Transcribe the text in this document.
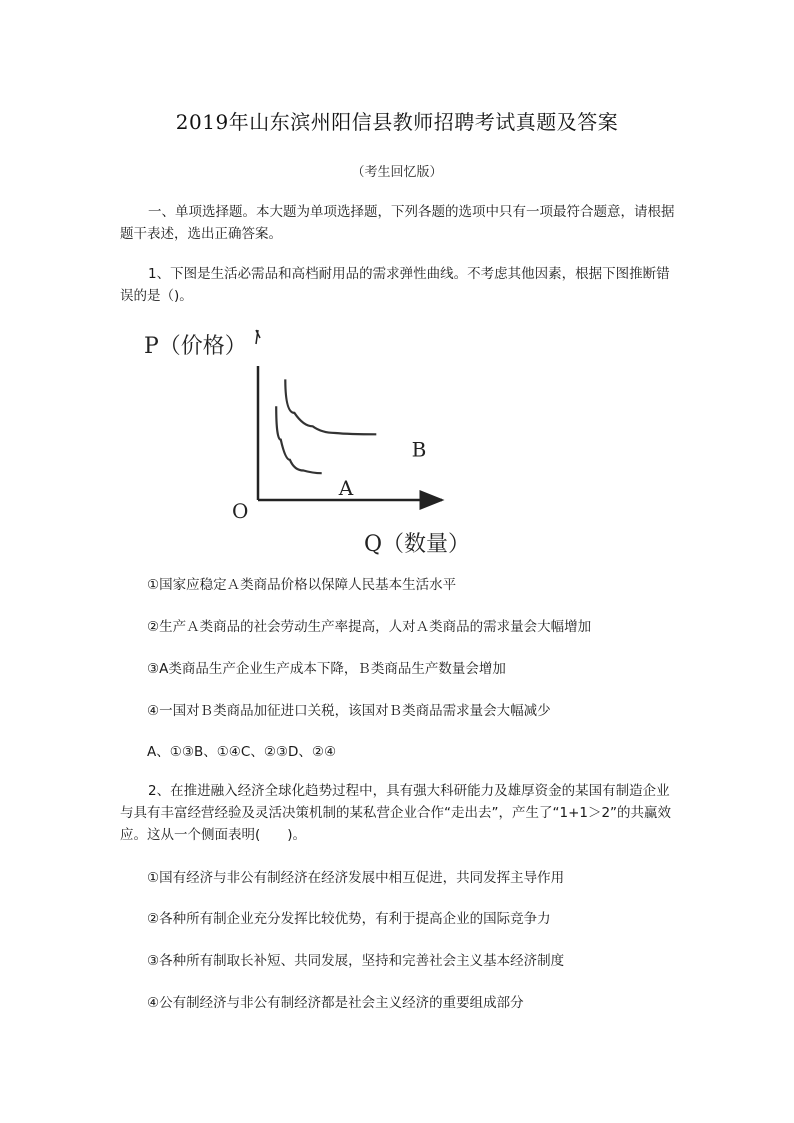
2019年山东滨州阳信县教师招聘考试真题及答案
（考生回忆版）
一、单项选择题。本大题为单项选择题，下列各题的选项中只有一项最符合题意，请根据题干表述，选出正确答案。
1、下图是生活必需品和高档耐用品的需求弹性曲线。不考虑其他因素，根据下图推断错误的是（)。
P（价格）
O
Q（数量）
A
B
①国家应稳定Ａ类商品价格以保障人民基本生活水平
②生产Ａ类商品的社会劳动生产率提高，人对Ａ类商品的需求量会大幅增加
③A类商品生产企业生产成本下降，Ｂ类商品生产数量会增加
④一国对Ｂ类商品加征进口关税，该国对Ｂ类商品需求量会大幅减少
A、①③B、①④C、②③D、②④
2、在推进融入经济全球化趋势过程中，具有强大科研能力及雄厚资金的某国有制造企业与具有丰富经营经验及灵活决策机制的某私营企业合作“走出去”，产生了“1+1＞2”的共赢效应。这从一个侧面表明(　　)。
①国有经济与非公有制经济在经济发展中相互促进，共同发挥主导作用
②各种所有制企业充分发挥比较优势，有利于提高企业的国际竞争力
③各种所有制取长补短、共同发展，坚持和完善社会主义基本经济制度
④公有制经济与非公有制经济都是社会主义经济的重要组成部分
